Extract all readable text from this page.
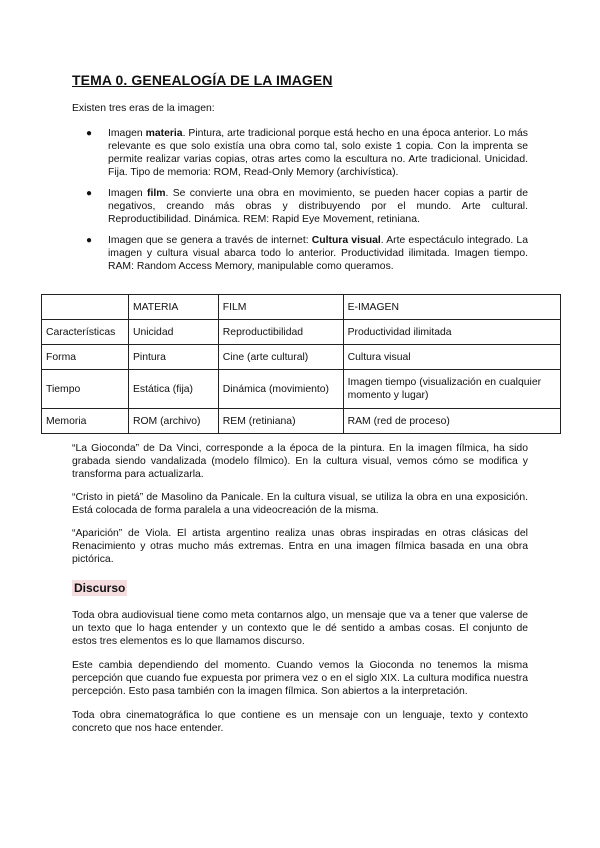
TEMA 0. GENEALOGÍA DE LA IMAGEN

Existen tres eras de la imagen:

● Imagen materia. Pintura, arte tradicional porque está hecho en una época anterior. Lo más relevante es que solo existía una obra como tal, solo existe 1 copia. Con la imprenta se permite realizar varias copias, otras artes como la escultura no. Arte tradicional. Unicidad. Fija. Tipo de memoria: ROM, Read-Only Memory (archivística).
● Imagen film. Se convierte una obra en movimiento, se pueden hacer copias a partir de negativos, creando más obras y distribuyendo por el mundo. Arte cultural. Reproductibilidad. Dinámica. REM: Rapid Eye Movement, retiniana.
● Imagen que se genera a través de internet: Cultura visual. Arte espectáculo integrado. La imagen y cultura visual abarca todo lo anterior. Productividad ilimitada. Imagen tiempo. RAM: Random Access Memory, manipulable como queramos.
	MATERIA	FILM	E-IMAGEN
Características	Unicidad	Reproductibilidad	Productividad ilimitada
Forma	Pintura	Cine (arte cultural)	Cultura visual
Tiempo	Estática (fija)	Dinámica (movimiento)	Imagen tiempo (visualización en cualquier momento y lugar)
Memoria	ROM (archivo)	REM (retiniana)	RAM (red de proceso)

“La Gioconda” de Da Vinci, corresponde a la época de la pintura. En la imagen fílmica, ha sido grabada siendo vandalizada (modelo fílmico). En la cultura visual, vemos cómo se modifica y transforma para actualizarla.

“Cristo in pietá” de Masolino da Panicale. En la cultura visual, se utiliza la obra en una exposición. Está colocada de forma paralela a una videocreación de la misma.

“Aparición” de Viola. El artista argentino realiza unas obras inspiradas en otras clásicas del Renacimiento y otras mucho más extremas. Entra en una imagen fílmica basada en una obra pictórica.

Discurso

Toda obra audiovisual tiene como meta contarnos algo, un mensaje que va a tener que valerse de un texto que lo haga entender y un contexto que le dé sentido a ambas cosas. El conjunto de estos tres elementos es lo que llamamos discurso.

Este cambia dependiendo del momento. Cuando vemos la Gioconda no tenemos la misma percepción que cuando fue expuesta por primera vez o en el siglo XIX. La cultura modifica nuestra percepción. Esto pasa también con la imagen fílmica. Son abiertos a la interpretación.

Toda obra cinematográfica lo que contiene es un mensaje con un lenguaje, texto y contexto concreto que nos hace entender.
